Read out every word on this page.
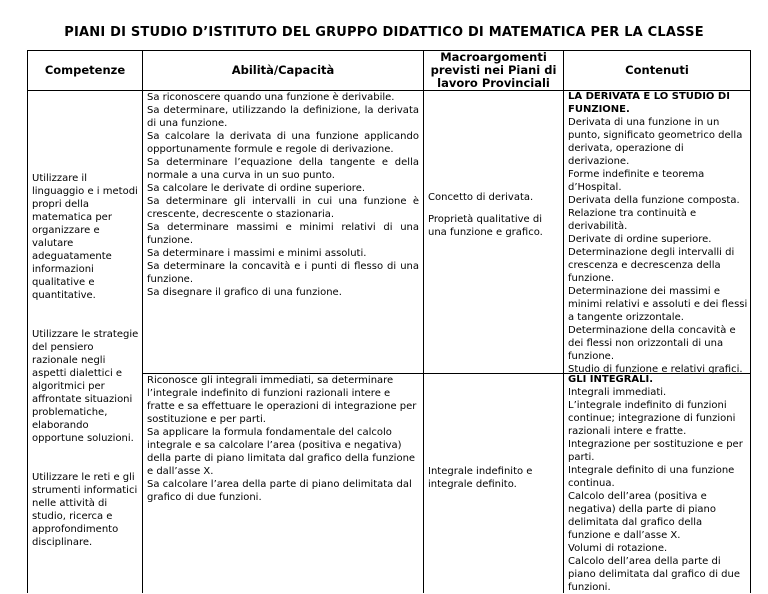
PIANI DI STUDIO D’ISTITUTO DEL GRUPPO DIDATTICO DI MATEMATICA PER LA CLASSE
Competenze	Abilità/Capacità
Macroargomenti previsti nei Piani di lavoro Provinciali
Contenuti

Utilizzare il linguaggio e i metodi propri della matematica per organizzare e valutare adeguatamente informazioni qualitative e quantitative.

Utilizzare le strategie del pensiero razionale negli aspetti dialettici e algoritmici per affrontate situazioni problematiche, elaborando opportune soluzioni.

Utilizzare le reti e gli strumenti informatici nelle attività di studio, ricerca e approfondimento disciplinare.

Sa riconoscere quando una funzione è derivabile.

Sa determinare, utilizzando la definizione, la derivata di una funzione.

Sa calcolare la derivata di una funzione applicando opportunamente formule e regole di derivazione.

Sa determinare l’equazione della tangente e della normale a una curva in un suo punto.

Sa calcolare le derivate di ordine superiore.

Sa determinare gli intervalli in cui una funzione è crescente, decrescente o stazionaria.

Sa determinare massimi e minimi relativi di una funzione.

Sa determinare i massimi e minimi assoluti.

Sa determinare la concavità e i punti di flesso di una funzione.

Sa disegnare il grafico di una funzione.

Concetto di derivata.

Proprietà qualitative di una funzione e grafico.

LA DERIVATA E LO STUDIO DI FUNZIONE.

Derivata di una funzione in un punto, significato geometrico della derivata, operazione di derivazione.

Forme indefinite e teorema d’Hospital.

Derivata della funzione composta.

Relazione tra continuità e derivabilità.

Derivate di ordine superiore.

Determinazione degli intervalli di crescenza e decrescenza della funzione.

Determinazione dei massimi e minimi relativi e assoluti e dei flessi a tangente orizzontale.

Determinazione della concavità e dei flessi non orizzontali di una funzione.

Studio di funzione e relativi grafici.

Riconosce gli integrali immediati, sa determinare l’integrale indefinito di funzioni razionali intere e fratte e sa effettuare le operazioni di integrazione per sostituzione e per parti.

Sa applicare la formula fondamentale del calcolo integrale e sa calcolare l’area (positiva e negativa) della parte di piano limitata dal grafico della funzione e dall’asse X.

Sa calcolare l’area della parte di piano delimitata dal grafico di due funzioni.

Integrale indefinito e integrale definito.

GLI INTEGRALI.

Integrali immediati.

L’integrale indefinito di funzioni continue; integrazione di funzioni razionali intere e fratte.

Integrazione per sostituzione e per parti.

Integrale definito di una funzione continua.

Calcolo dell’area (positiva e negativa) della parte di piano delimitata dal grafico della funzione e dall’asse X.

Volumi di rotazione.

Calcolo dell’area della parte di piano delimitata dal grafico di due funzioni.
